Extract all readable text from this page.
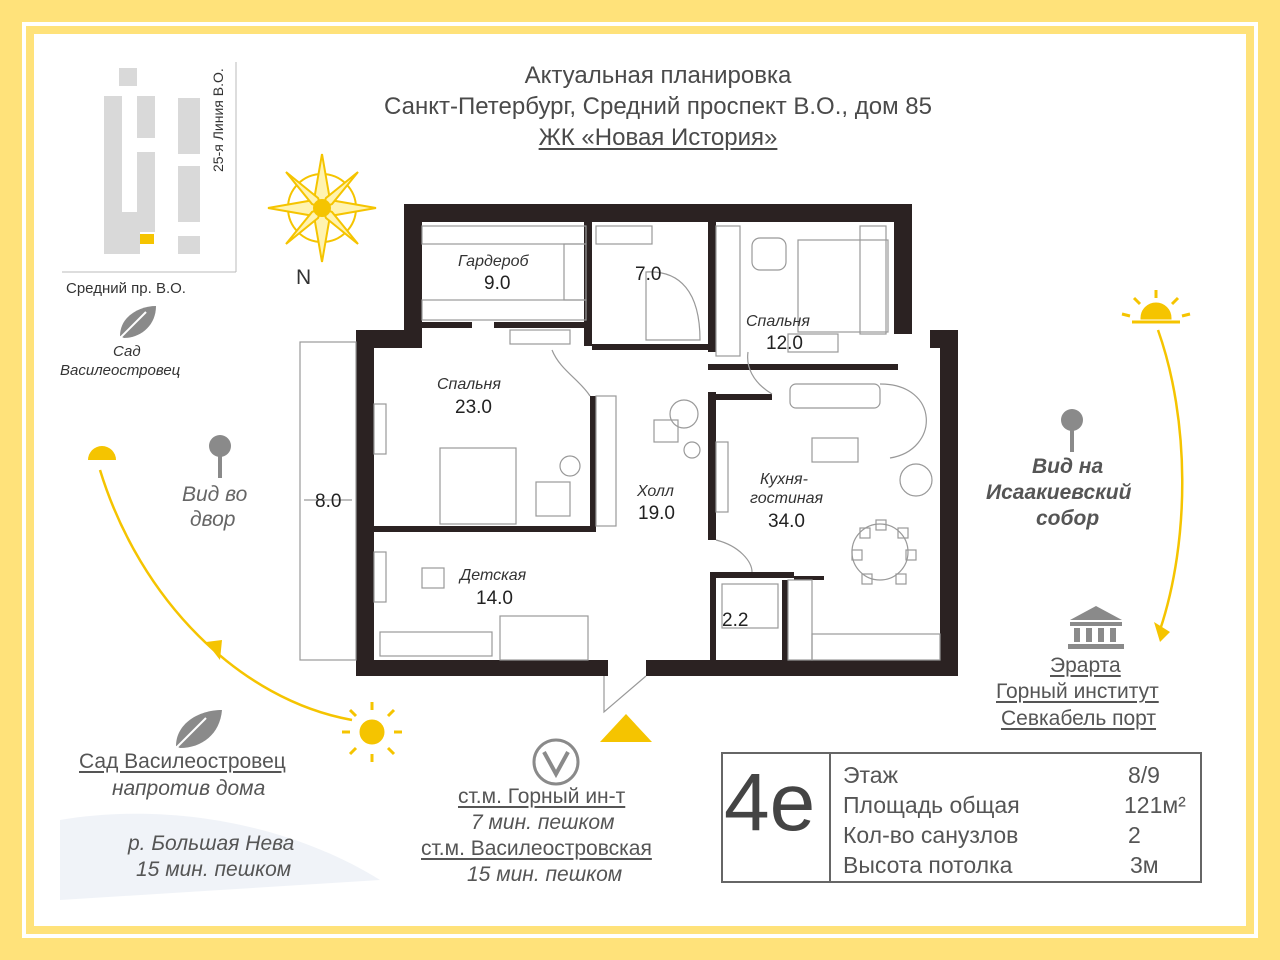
Актуальная планировка
Санкт-Петербург, Средний проспект В.О., дом 85
ЖК «Новая История»
25-я Линия В.О.
Средний пр. В.О.
Сад
Василеостровец
N
Гардероб
9.0	7.0
Спальня
12.0
Спальня
23.0
Холл
19.0
Кухня-
гостиная
34.0
Детская
14.0
2.2
8.0
Вид во
двор
Вид на
Исаакиевский
собор
Эрарта
Горный институт
Севкабель порт
Сад Василеостровец
напротив дома
р. Большая Нева
15 мин. пешком
ст.м. Горный ин-т
7 мин. пешком
ст.м. Василеостровская
15 мин. пешком
4е Этаж	8/9
Площадь общая	121м²
Кол-во санузлов	2
Высота потолка	3м
